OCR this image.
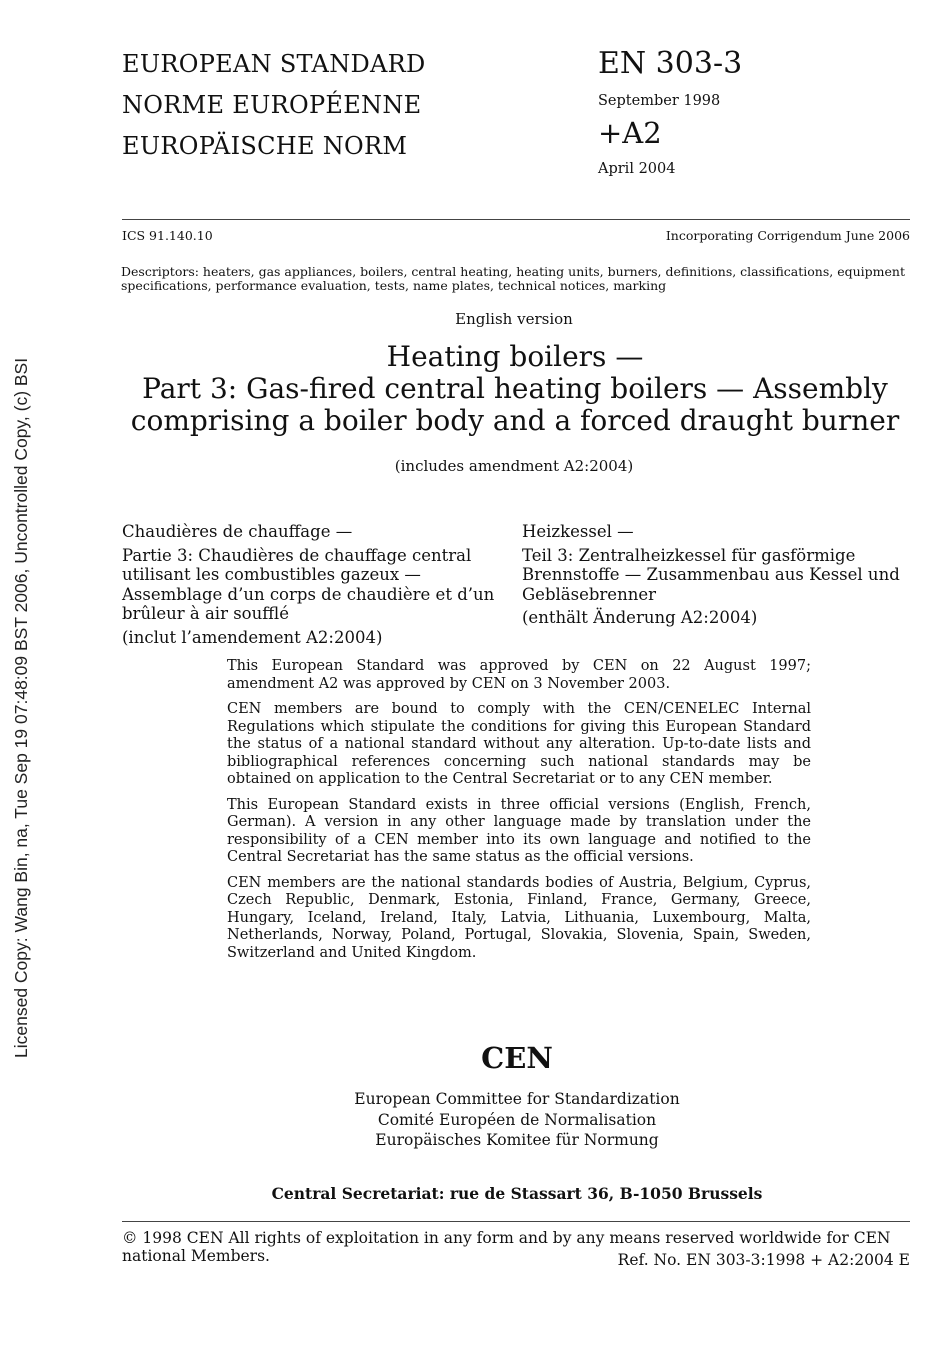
Licensed Copy: Wang Bin, na, Tue Sep 19 07:48:09 BST 2006, Uncontrolled Copy, (c) BSI
EUROPEAN STANDARD
NORME EUROPÉENNE
EUROPÄISCHE NORM
EN 303-3
September 1998
+A2
April 2004
ICS 91.140.10	Incorporating Corrigendum June 2006
Descriptors: heaters, gas appliances, boilers, central heating, heating units, burners, definitions, classifications, equipment specifications, performance evaluation, tests, name plates, technical notices, marking
English version
Heating boilers —
Part 3: Gas-fired central heating boilers — Assembly
comprising a boiler body and a forced draught burner
(includes amendment A2:2004)

Chaudières de chauffage —

Partie 3: Chaudières de chauffage central utilisant les combustibles gazeux — Assemblage d’un corps de chaudière et d’un brûleur à air soufflé

(inclut l’amendement A2:2004)

Heizkessel —

Teil 3: Zentralheizkessel für gasförmige Brennstoffe — Zusammenbau aus Kessel und Gebläsebrenner

(enthält Änderung A2:2004)

This European Standard was approved by CEN on 22 August 1997; amendment A2 was approved by CEN on 3 November 2003.

CEN members are bound to comply with the CEN/CENELEC Internal Regulations which stipulate the conditions for giving this European Standard the status of a national standard without any alteration. Up-to-date lists and bibliographical references concerning such national standards may be obtained on application to the Central Secretariat or to any CEN member.

This European Standard exists in three official versions (English, French, German). A version in any other language made by translation under the responsibility of a CEN member into its own language and notified to the Central Secretariat has the same status as the official versions.

CEN members are the national standards bodies of Austria, Belgium, Cyprus, Czech Republic, Denmark, Estonia, Finland, France, Germany, Greece, Hungary, Iceland, Ireland, Italy, Latvia, Lithuania, Luxembourg, Malta, Netherlands, Norway, Poland, Portugal, Slovakia, Slovenia, Spain, Sweden, Switzerland and United Kingdom.

CEN
European Committee for Standardization
Comité Européen de Normalisation
Europäisches Komitee für Normung
Central Secretariat: rue de Stassart 36, B-1050 Brussels
© 1998 CEN All rights of exploitation in any form and by any means reserved worldwide for CEN national Members.	Ref. No. EN 303-3:1998 + A2:2004 E
